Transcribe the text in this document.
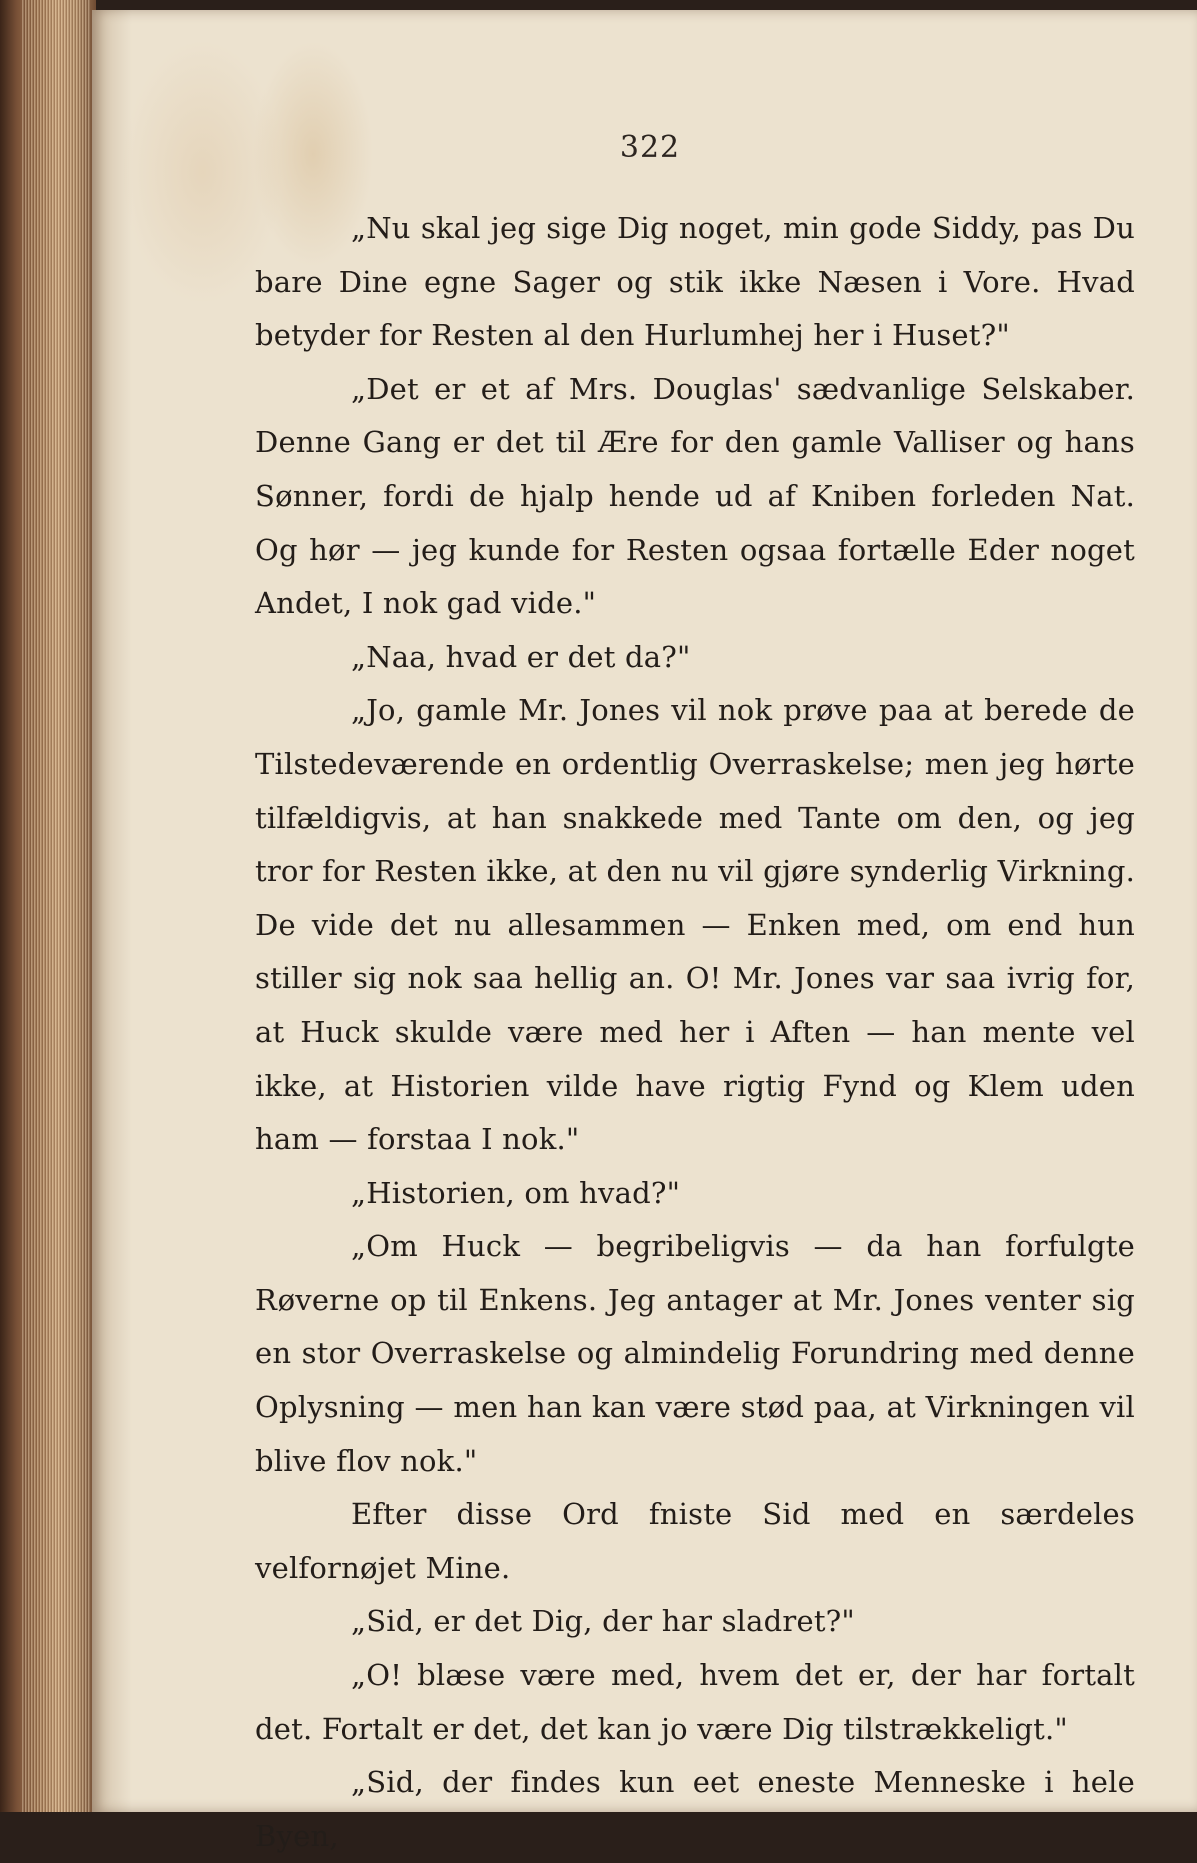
322

„Nu skal jeg sige Dig noget, min gode Siddy, pas Du bare Dine egne Sager og stik ikke Næsen i Vore. Hvad betyder for Resten al den Hurlumhej her i Huset?"

„Det er et af Mrs. Douglas' sædvanlige Selskaber. Denne Gang er det til Ære for den gamle Valliser og hans Sønner, fordi de hjalp hende ud af Kniben forleden Nat. Og hør — jeg kunde for Resten ogsaa fortælle Eder noget Andet, I nok gad vide."

„Naa, hvad er det da?"

„Jo, gamle Mr. Jones vil nok prøve paa at berede de Tilstedeværende en ordentlig Overraskelse; men jeg hørte tilfældigvis, at han snakkede med Tante om den, og jeg tror for Resten ikke, at den nu vil gjøre synderlig Virkning. De vide det nu allesammen — Enken med, om end hun stiller sig nok saa hellig an. O! Mr. Jones var saa ivrig for, at Huck skulde være med her i Aften — han mente vel ikke, at Historien vilde have rigtig Fynd og Klem uden ham — forstaa I nok."

„Historien, om hvad?"

„Om Huck — begribeligvis — da han forfulgte Røverne op til Enkens. Jeg antager at Mr. Jones venter sig en stor Overraskelse og almindelig Forundring med denne Oplysning — men han kan være stød paa, at Virkningen vil blive flov nok."

Efter disse Ord fniste Sid med en særdeles velfornøjet Mine.

„Sid, er det Dig, der har sladret?"

„O! blæse være med, hvem det er, der har fortalt det. Fortalt er det, det kan jo være Dig tilstrækkeligt."

„Sid, der findes kun eet eneste Menneske i hele Byen,
